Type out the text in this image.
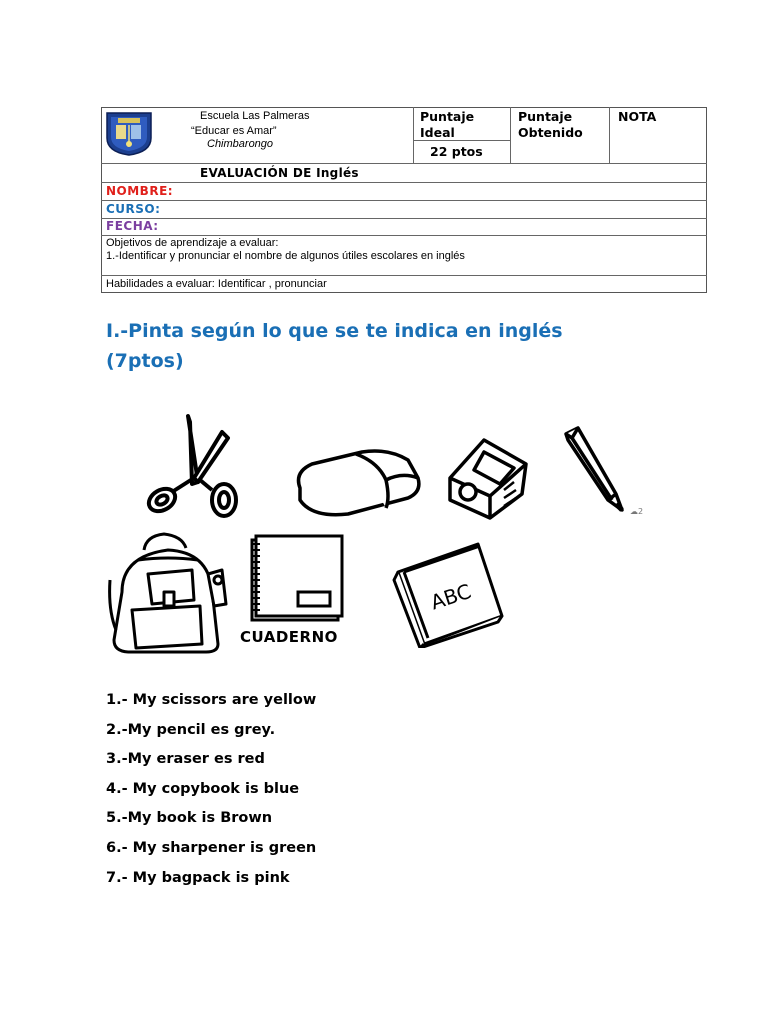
Escuela Las Palmeras
“Educar es Amar”
Chimbarongo
Puntaje Ideal
22 ptos
Puntaje Obtenido
NOTA
EVALUACIÓN DE Inglés
NOMBRE:
CURSO:
FECHA:
Objetivos de aprendizaje a evaluar:
1.-Identificar y pronunciar el nombre de algunos útiles escolares en inglés
Habilidades a evaluar: Identificar , pronunciar
I.-Pinta según lo que se te indica en inglés
(7ptos)
☁2
CUADERNO
ABC
1.- My scissors are yellow
2.-My pencil es grey.
3.-My eraser es red
4.- My copybook is blue
5.-My book is Brown
6.- My sharpener is green
7.- My bagpack is pink
